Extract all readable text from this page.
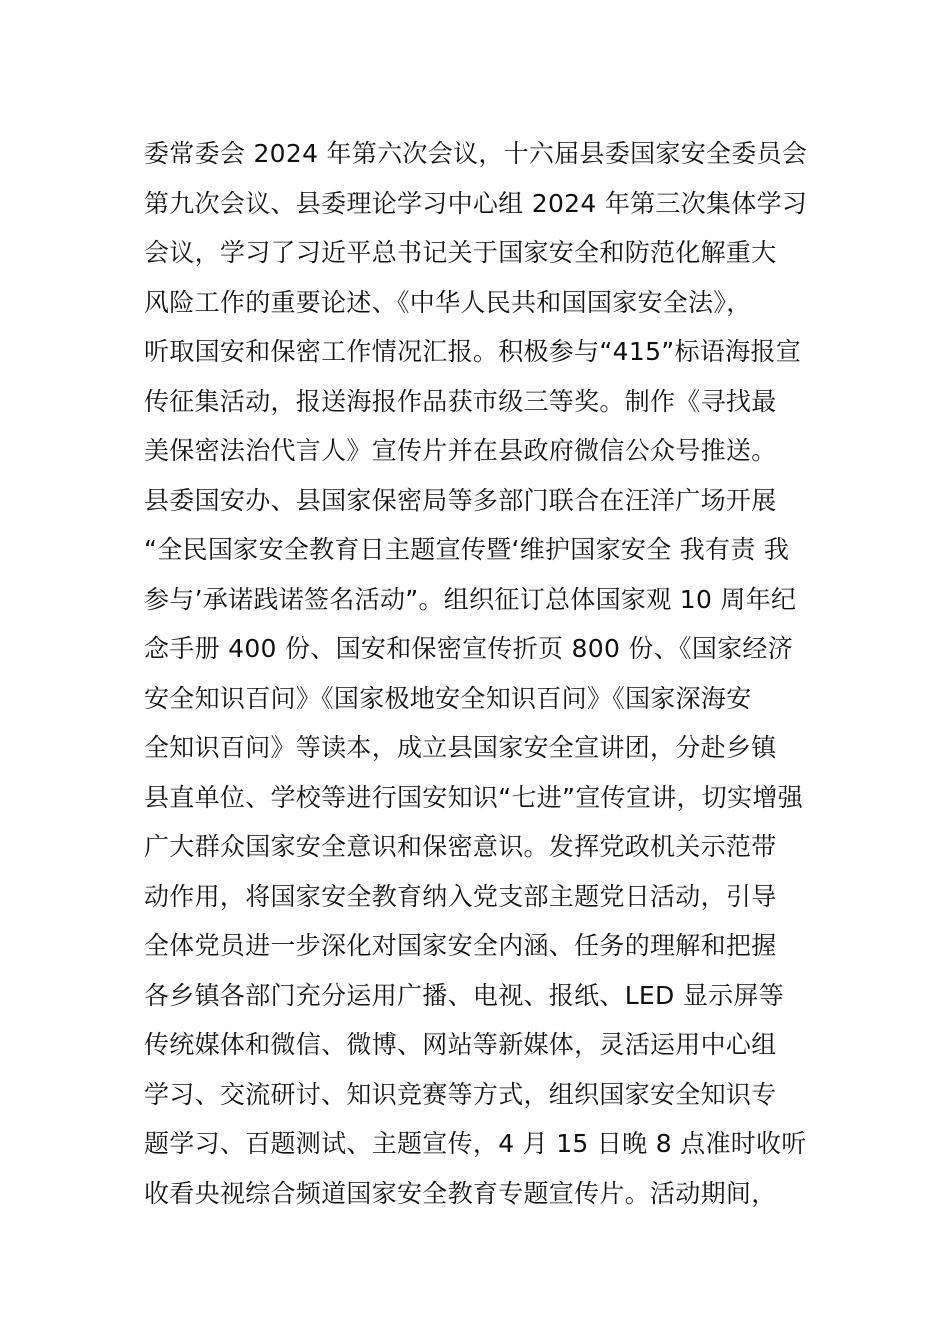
委常委会 2024 年第六次会议，十六届县委国家安全委员会
第九次会议、县委理论学习中心组 2024 年第三次集体学习
会议，学习了习近平总书记关于国家安全和防范化解重大
风险工作的重要论述、《中华人民共和国国家安全法》，
听取国安和保密工作情况汇报。积极参与“415”标语海报宣
传征集活动，报送海报作品获市级三等奖。制作《寻找最
美保密法治代言人》宣传片并在县政府微信公众号推送。
县委国安办、县国家保密局等多部门联合在汪洋广场开展
“全民国家安全教育日主题宣传暨‘维护国家安全 我有责 我
参与’承诺践诺签名活动”。组织征订总体国家观 10 周年纪
念手册 400 份、国安和保密宣传折页 800 份、《国家经济
安全知识百问》《国家极地安全知识百问》《国家深海安
全知识百问》等读本，成立县国家安全宣讲团，分赴乡镇
县直单位、学校等进行国安知识“七进”宣传宣讲，切实增强
广大群众国家安全意识和保密意识。发挥党政机关示范带
动作用，将国家安全教育纳入党支部主题党日活动，引导
全体党员进一步深化对国家安全内涵、任务的理解和把握
各乡镇各部门充分运用广播、电视、报纸、LED 显示屏等
传统媒体和微信、微博、网站等新媒体，灵活运用中心组
学习、交流研讨、知识竞赛等方式，组织国家安全知识专
题学习、百题测试、主题宣传，4 月 15 日晚 8 点准时收听
收看央视综合频道国家安全教育专题宣传片。活动期间，
